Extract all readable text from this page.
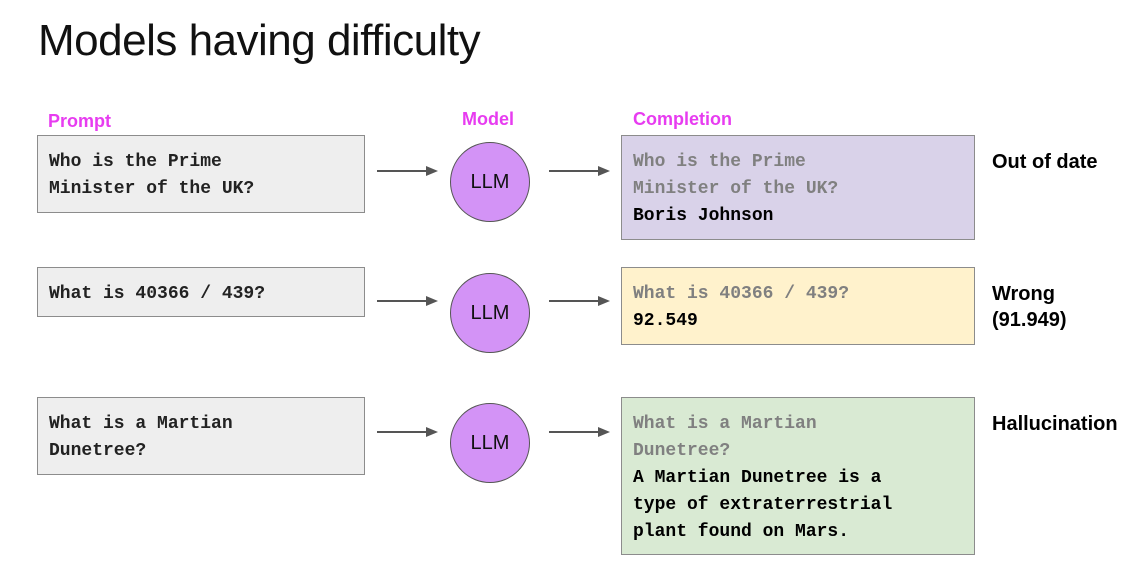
Models having difficulty
Prompt	Model	Completion
Who is the Prime
Minister of the UK?	LLM
Who is the Prime
Minister of the UK?
Boris Johnson
Out of date
What is 40366 / 439?
LLM
What is 40366 / 439?
92.549
Wrong
(91.949)
What is a Martian
Dunetree?	LLM
What is a Martian
Dunetree?
A Martian Dunetree is a
type of extraterrestrial
plant found on Mars.
Hallucination
